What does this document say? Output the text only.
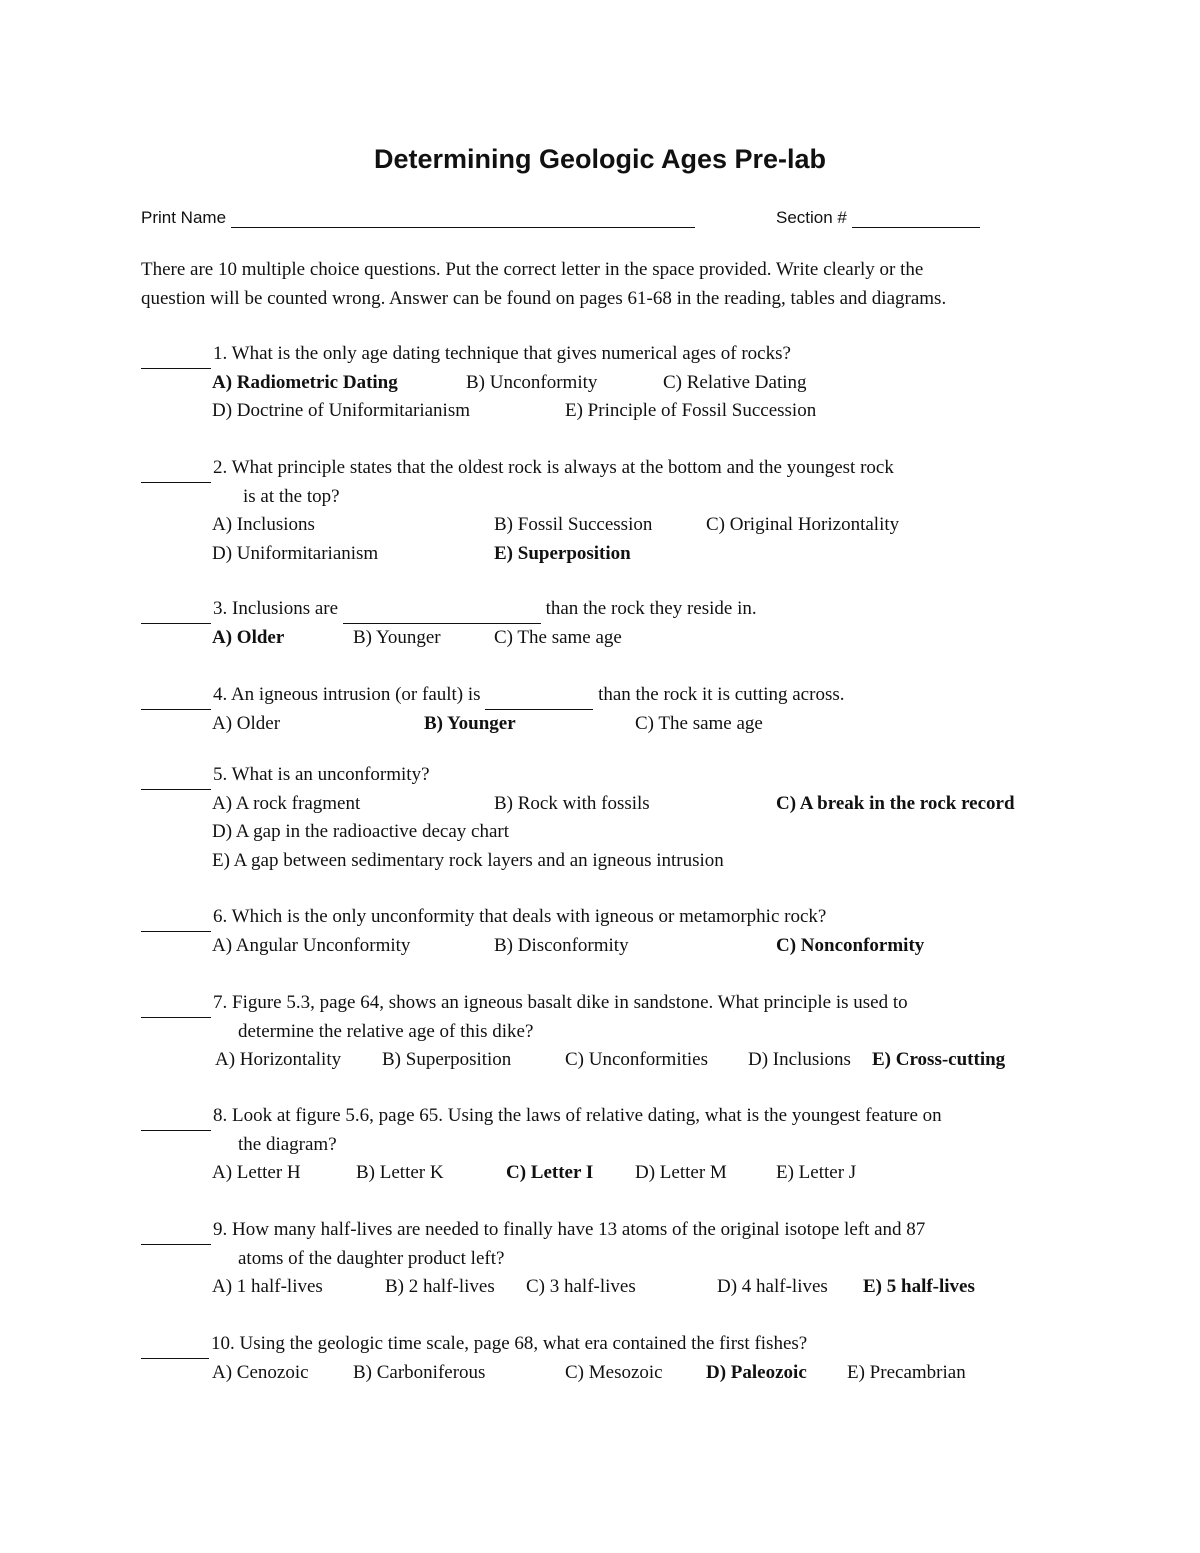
Determining Geologic Ages Pre-lab
Print Name	Section #
There are 10 multiple choice questions. Put the correct letter in the space provided. Write clearly or the
question will be counted wrong. Answer can be found on pages 61-68 in the reading, tables and diagrams.
1. What is the only age dating technique that gives numerical ages of rocks?
A) Radiometric Dating	B) Unconformity	C) Relative Dating
D) Doctrine of Uniformitarianism	E) Principle of Fossil Succession
2. What principle states that the oldest rock is always at the bottom and the youngest rock
is at the top?
A) Inclusions	B) Fossil Succession	C) Original Horizontality
D) Uniformitarianism	E) Superposition
3. Inclusions are	than the rock they reside in.
A) Older	B) Younger	C) The same age
4. An igneous intrusion (or fault) is	than the rock it is cutting across.
A) Older	B) Younger	C) The same age
5. What is an unconformity?
A) A rock fragment	B) Rock with fossils	C) A break in the rock record
D) A gap in the radioactive decay chart
E) A gap between sedimentary rock layers and an igneous intrusion
6. Which is the only unconformity that deals with igneous or metamorphic rock?
A) Angular Unconformity	B) Disconformity	C) Nonconformity
7. Figure 5.3, page 64, shows an igneous basalt dike in sandstone. What principle is used to
determine the relative age of this dike?
A) Horizontality B) Superposition	C) Unconformities D) Inclusions E) Cross-cutting
8. Look at figure 5.6, page 65. Using the laws of relative dating, what is the youngest feature on
the diagram?
A) Letter H	B) Letter K	C) Letter I D) Letter M	E) Letter J
9. How many half-lives are needed to finally have 13 atoms of the original isotope left and 87
atoms of the daughter product left?
A) 1 half-lives	B) 2 half-lives C) 3 half-lives	D) 4 half-lives E) 5 half-lives
10. Using the geologic time scale, page 68, what era contained the first fishes?
A) Cenozoic B) Carboniferous	C) Mesozoic D) Paleozoic E) Precambrian
